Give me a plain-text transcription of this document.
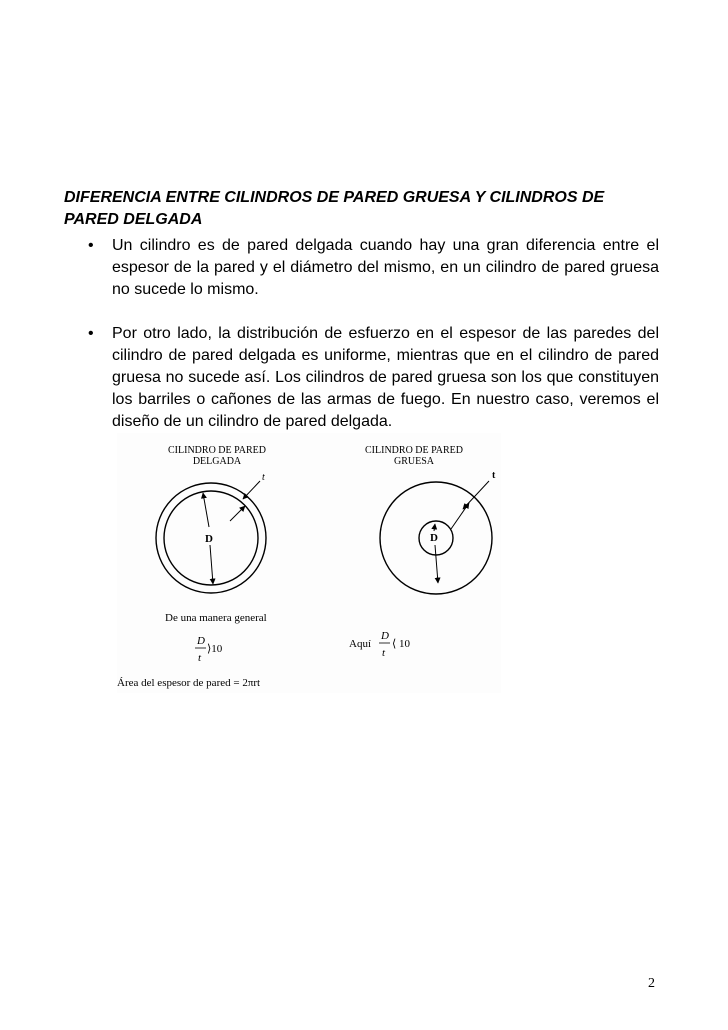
DIFERENCIA ENTRE CILINDROS DE PARED GRUESA Y CILINDROS DE
PARED DELGADA
• Un cilindro es de pared delgada cuando hay una gran diferencia entre el espesor de la pared y el diámetro del mismo, en un cilindro de pared gruesa no sucede lo mismo.
• Por otro lado, la distribución de esfuerzo en el espesor de las paredes del cilindro de pared delgada es uniforme, mientras que en el cilindro de pared gruesa no sucede así. Los cilindros de pared gruesa son los que constituyen los barriles o cañones de las armas de fuego. En nuestro caso, veremos el diseño de un cilindro de pared delgada.
CILINDRO DE PARED
DELGADA
D
t
De una manera general
D
t
⟩10
Área del espesor de pared = 2πrt
CILINDRO DE PARED
GRUESA
D
t
Aquí
D
t
⟨ 10
2
